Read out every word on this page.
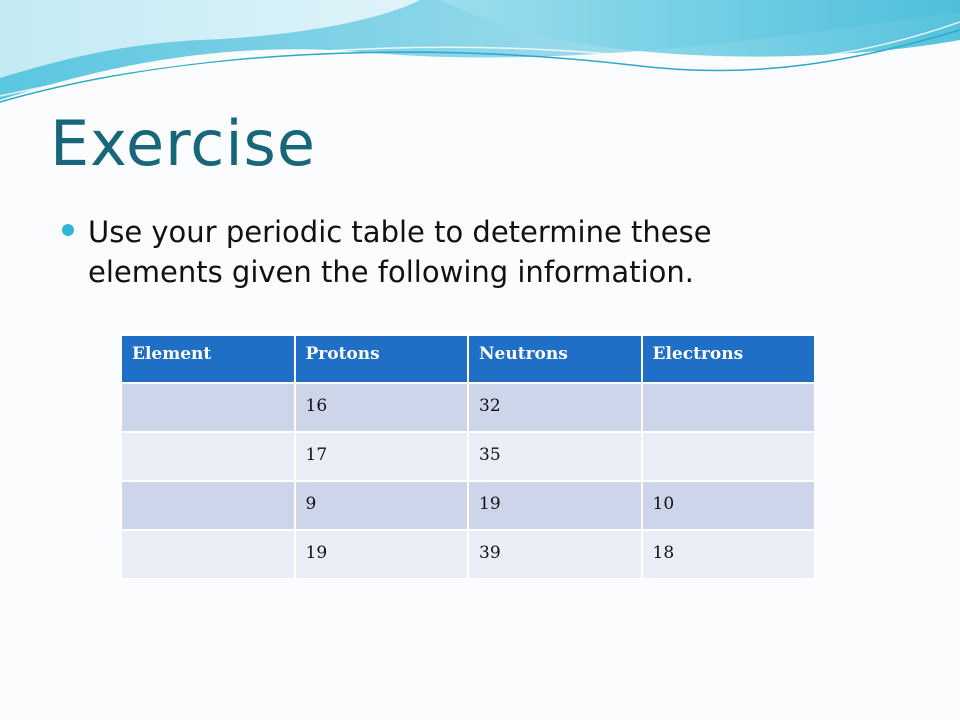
Exercise
Use your periodic table to determine these elements given the following information.
Element	Protons	Neutrons	Electrons
	16	32	
	17	35	
	9	19	10
	19	39	18
